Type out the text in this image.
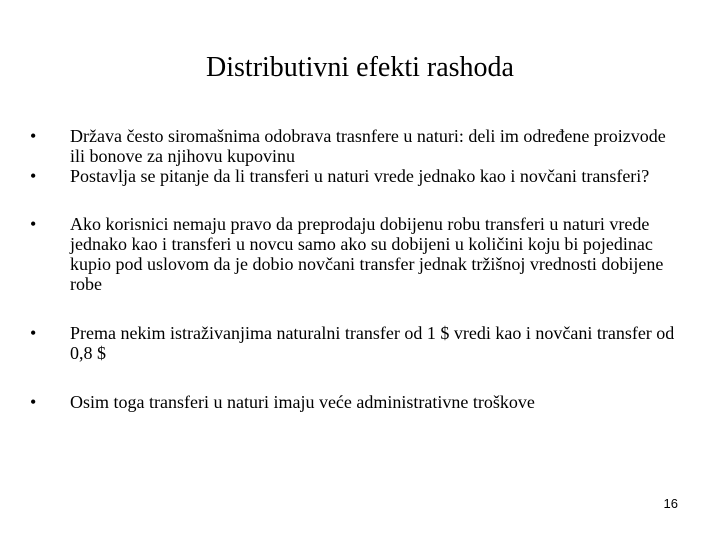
Distributivni efekti rashoda
•	Država često siromašnima odobrava trasnfere u naturi: deli im određene proizvode ili bonove za njihovu kupovinu
•	Postavlja se pitanje da li transferi u naturi vrede jednako kao i novčani transferi?
•	Ako korisnici nemaju pravo da preprodaju dobijenu robu transferi u naturi vrede jednako kao i transferi u novcu samo ako su dobijeni u količini koju bi pojedinac kupio pod uslovom da je dobio novčani transfer jednak tržišnoj vrednosti dobijene robe
•	Prema nekim istraživanjima naturalni transfer od 1 $ vredi kao i novčani transfer od 0,8 $
•	Osim toga transferi u naturi imaju veće administrativne troškove
16
